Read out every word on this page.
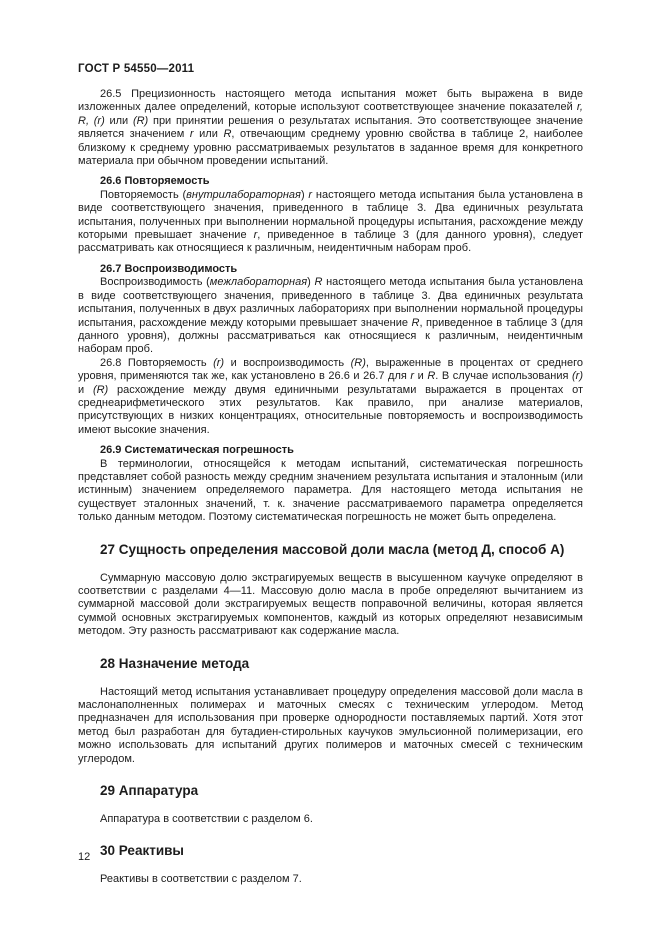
ГОСТ Р 54550—2011

26.5 Прецизионность настоящего метода испытания может быть выражена в виде изложенных далее определений, которые используют соответствующее значение показателей r, R, (r) или (R) при принятии решения о результатах испытания. Это соответствующее значение является значением r или R, отвечающим среднему уровню свойства в таблице 2, наиболее близкому к среднему уровню рассматриваемых результатов в заданное время для конкретного материала при обычном проведении испытаний.

26.6 Повторяемость

Повторяемость (внутрилабораторная) r настоящего метода испытания была установлена в виде соответствующего значения, приведенного в таблице 3. Два единичных результата испытания, полученных при выполнении нормальной процедуры испытания, расхождение между которыми превышает значение r, приведенное в таблице 3 (для данного уровня), следует рассматривать как относящиеся к различным, неидентичным наборам проб.

26.7 Воспроизводимость

Воспроизводимость (межлабораторная) R настоящего метода испытания была установлена в виде соответствующего значения, приведенного в таблице 3. Два единичных результата испытания, полученных в двух различных лабораториях при выполнении нормальной процедуры испытания, расхождение между которыми превышает значение R, приведенное в таблице 3 (для данного уровня), должны рассматриваться как относящиеся к различным, неидентичным наборам проб.

26.8 Повторяемость (r) и воспроизводимость (R), выраженные в процентах от среднего уровня, применяются так же, как установлено в 26.6 и 26.7 для r и R. В случае использования (r) и (R) расхождение между двумя единичными результатами выражается в процентах от среднеарифметического этих результатов. Как правило, при анализе материалов, присутствующих в низких концентрациях, относительные повторяемость и воспроизводимость имеют высокие значения.

26.9 Систематическая погрешность

В терминологии, относящейся к методам испытаний, систематическая погрешность представляет собой разность между средним значением результата испытания и эталонным (или истинным) значением определяемого параметра. Для настоящего метода испытания не существует эталонных значений, т. к. значение рассматриваемого параметра определяется только данным методом. Поэтому систематическая погрешность не может быть определена.

27 Сущность определения массовой доли масла (метод Д, способ А)

Суммарную массовую долю экстрагируемых веществ в высушенном каучуке определяют в соответствии с разделами 4—11. Массовую долю масла в пробе определяют вычитанием из суммарной массовой доли экстрагируемых веществ поправочной величины, которая является суммой основных экстрагируемых компонентов, каждый из которых определяют независимым методом. Эту разность рассматривают как содержание масла.

28 Назначение метода

Настоящий метод испытания устанавливает процедуру определения массовой доли масла в маслонаполненных полимерах и маточных смесях с техническим углеродом. Метод предназначен для использования при проверке однородности поставляемых партий. Хотя этот метод был разработан для бутадиен-стирольных каучуков эмульсионной полимеризации, его можно использовать для испытаний других полимеров и маточных смесей с техническим углеродом.

29 Аппаратура

Аппаратура в соответствии с разделом 6.

30 Реактивы

Реактивы в соответствии с разделом 7.

12
